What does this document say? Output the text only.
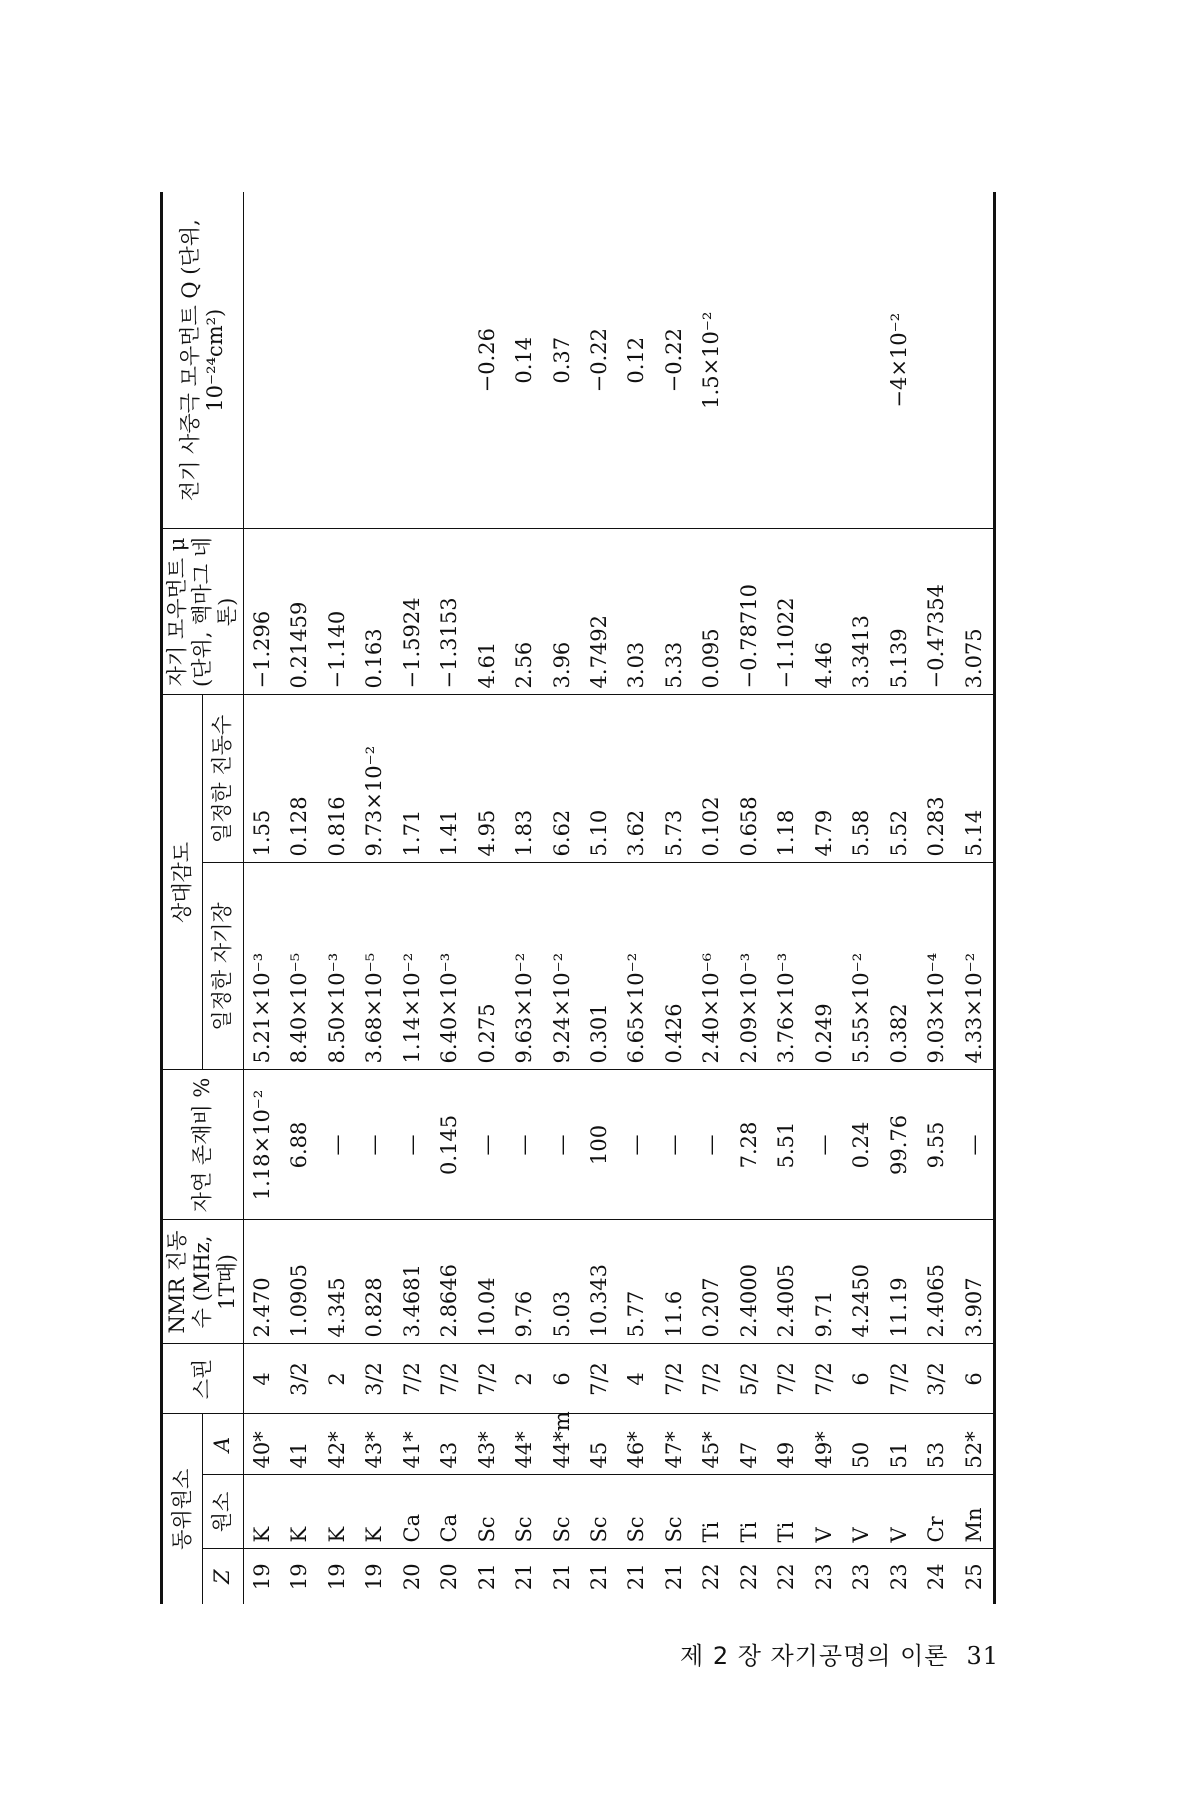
동위원소			스핀	NMR 진동수 (MHz, 1T때)	자연 존재비 %	상대감도		자기 모우먼트 μ (단위, 핵마그 네톤)	전기 사중극 모우먼트 Q (단위, 10⁻²⁴cm²)
Z	원소	A				일정한 자기장	일정한 진동수		
19	K	40*	4	2.470	1.18×10⁻²	5.21×10⁻³	1.55	−1.296	
19	K	41	3/2	1.0905	6.88	8.40×10⁻⁵	0.128	0.21459	
19	K	42*	2	4.345	—	8.50×10⁻³	0.816	−1.140	
19	K	43*	3/2	0.828	—	3.68×10⁻⁵	9.73×10⁻²	0.163	
20	Ca	41*	7/2	3.4681	—	1.14×10⁻²	1.71	−1.5924	
20	Ca	43	7/2	2.8646	0.145	6.40×10⁻³	1.41	−1.3153	
21	Sc	43*	7/2	10.04	—	0.275	4.95	4.61	−0.26
21	Sc	44*	2	9.76	—	9.63×10⁻²	1.83	2.56	0.14
21	Sc	44*m	6	5.03	—	9.24×10⁻²	6.62	3.96	0.37
21	Sc	45	7/2	10.343	100	0.301	5.10	4.7492	−0.22
21	Sc	46*	4	5.77	—	6.65×10⁻²	3.62	3.03	0.12
21	Sc	47*	7/2	11.6	—	0.426	5.73	5.33	−0.22
22	Ti	45*	7/2	0.207	—	2.40×10⁻⁶	0.102	0.095	1.5×10⁻²
22	Ti	47	5/2	2.4000	7.28	2.09×10⁻³	0.658	−0.78710	
22	Ti	49	7/2	2.4005	5.51	3.76×10⁻³	1.18	−1.1022	
23	V	49*	7/2	9.71	—	0.249	4.79	4.46	
23	V	50	6	4.2450	0.24	5.55×10⁻²	5.58	3.3413	
23	V	51	7/2	11.19	99.76	0.382	5.52	5.139	−4×10⁻²
24	Cr	53	3/2	2.4065	9.55	9.03×10⁻⁴	0.283	−0.47354	
25	Mn	52*	6	3.907	—	4.33×10⁻²	5.14	3.075	
제 2 장 자기공명의 이론 31
